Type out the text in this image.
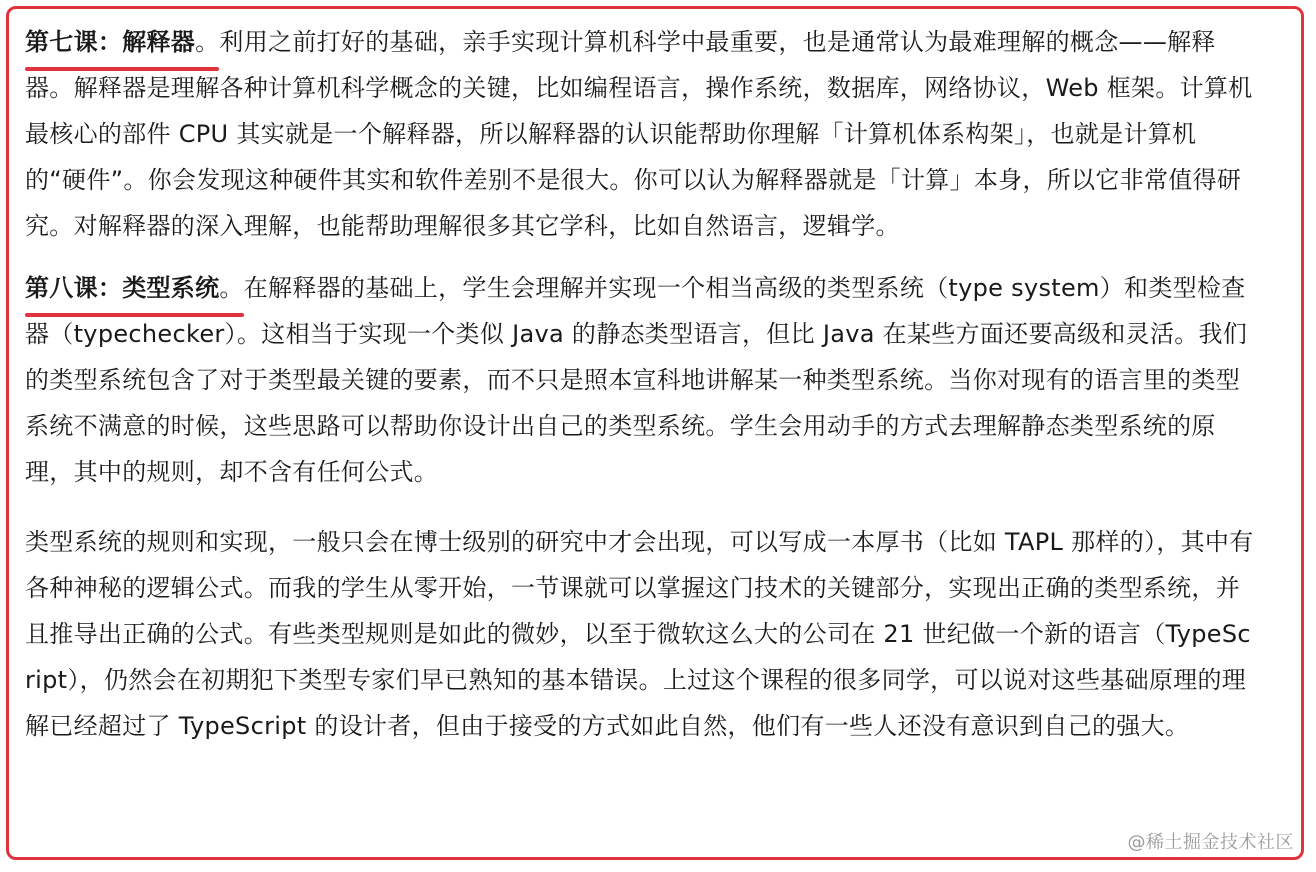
第七课：解释器。利用之前打好的基础，亲手实现计算机科学中最重要，也是通常认为最难理解的概念——解释器。解释器是理解各种计算机科学概念的关键，比如编程语言，操作系统，数据库，网络协议，Web 框架。计算机最核心的部件 CPU 其实就是一个解释器，所以解释器的认识能帮助你理解「计算机体系构架」，也就是计算机的“硬件”。你会发现这种硬件其实和软件差别不是很大。你可以认为解释器就是「计算」本身，所以它非常值得研究。对解释器的深入理解，也能帮助理解很多其它学科，比如自然语言，逻辑学。

第八课：类型系统。在解释器的基础上，学生会理解并实现一个相当高级的类型系统（type system）和类型检查器（typechecker）。这相当于实现一个类似 Java 的静态类型语言，但比 Java 在某些方面还要高级和灵活。我们的类型系统包含了对于类型最关键的要素，而不只是照本宣科地讲解某一种类型系统。当你对现有的语言里的类型系统不满意的时候，这些思路可以帮助你设计出自己的类型系统。学生会用动手的方式去理解静态类型系统的原理，其中的规则，却不含有任何公式。

类型系统的规则和实现，一般只会在博士级别的研究中才会出现，可以写成一本厚书（比如 TAPL 那样的），其中有各种神秘的逻辑公式。而我的学生从零开始，一节课就可以掌握这门技术的关键部分，实现出正确的类型系统，并且推导出正确的公式。有些类型规则是如此的微妙，以至于微软这么大的公司在 21 世纪做一个新的语言（TypeScript），仍然会在初期犯下类型专家们早已熟知的基本错误。上过这个课程的很多同学，可以说对这些基础原理的理解已经超过了 TypeScript 的设计者，但由于接受的方式如此自然，他们有一些人还没有意识到自己的强大。

@稀土掘金技术社区
